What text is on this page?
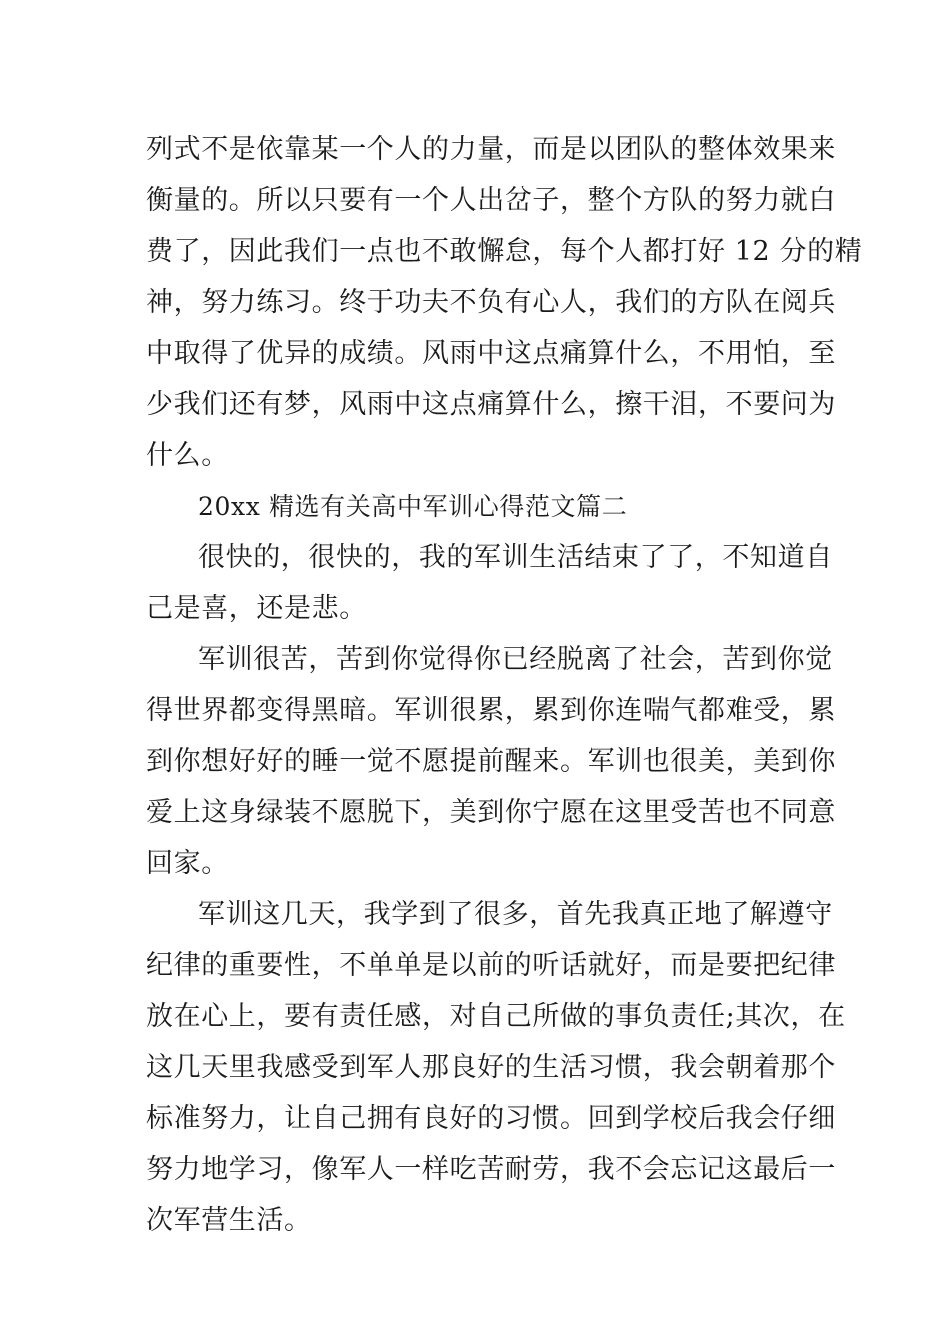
列式不是依靠某一个人的力量，而是以团队的整体效果来
衡量的。所以只要有一个人出岔子，整个方队的努力就白
费了，因此我们一点也不敢懈怠，每个人都打好 12 分的精
神，努力练习。终于功夫不负有心人，我们的方队在阅兵
中取得了优异的成绩。风雨中这点痛算什么，不用怕，至
少我们还有梦，风雨中这点痛算什么，擦干泪，不要问为
什么。
20xx 精选有关高中军训心得范文篇二
很快的，很快的，我的军训生活结束了了，不知道自
己是喜，还是悲。
军训很苦，苦到你觉得你已经脱离了社会，苦到你觉
得世界都变得黑暗。军训很累，累到你连喘气都难受，累
到你想好好的睡一觉不愿提前醒来。军训也很美，美到你
爱上这身绿装不愿脱下，美到你宁愿在这里受苦也不同意
回家。
军训这几天，我学到了很多，首先我真正地了解遵守
纪律的重要性，不单单是以前的听话就好，而是要把纪律
放在心上，要有责任感，对自己所做的事负责任;其次，在
这几天里我感受到军人那良好的生活习惯，我会朝着那个
标准努力，让自己拥有良好的习惯。回到学校后我会仔细
努力地学习，像军人一样吃苦耐劳，我不会忘记这最后一
次军营生活。
